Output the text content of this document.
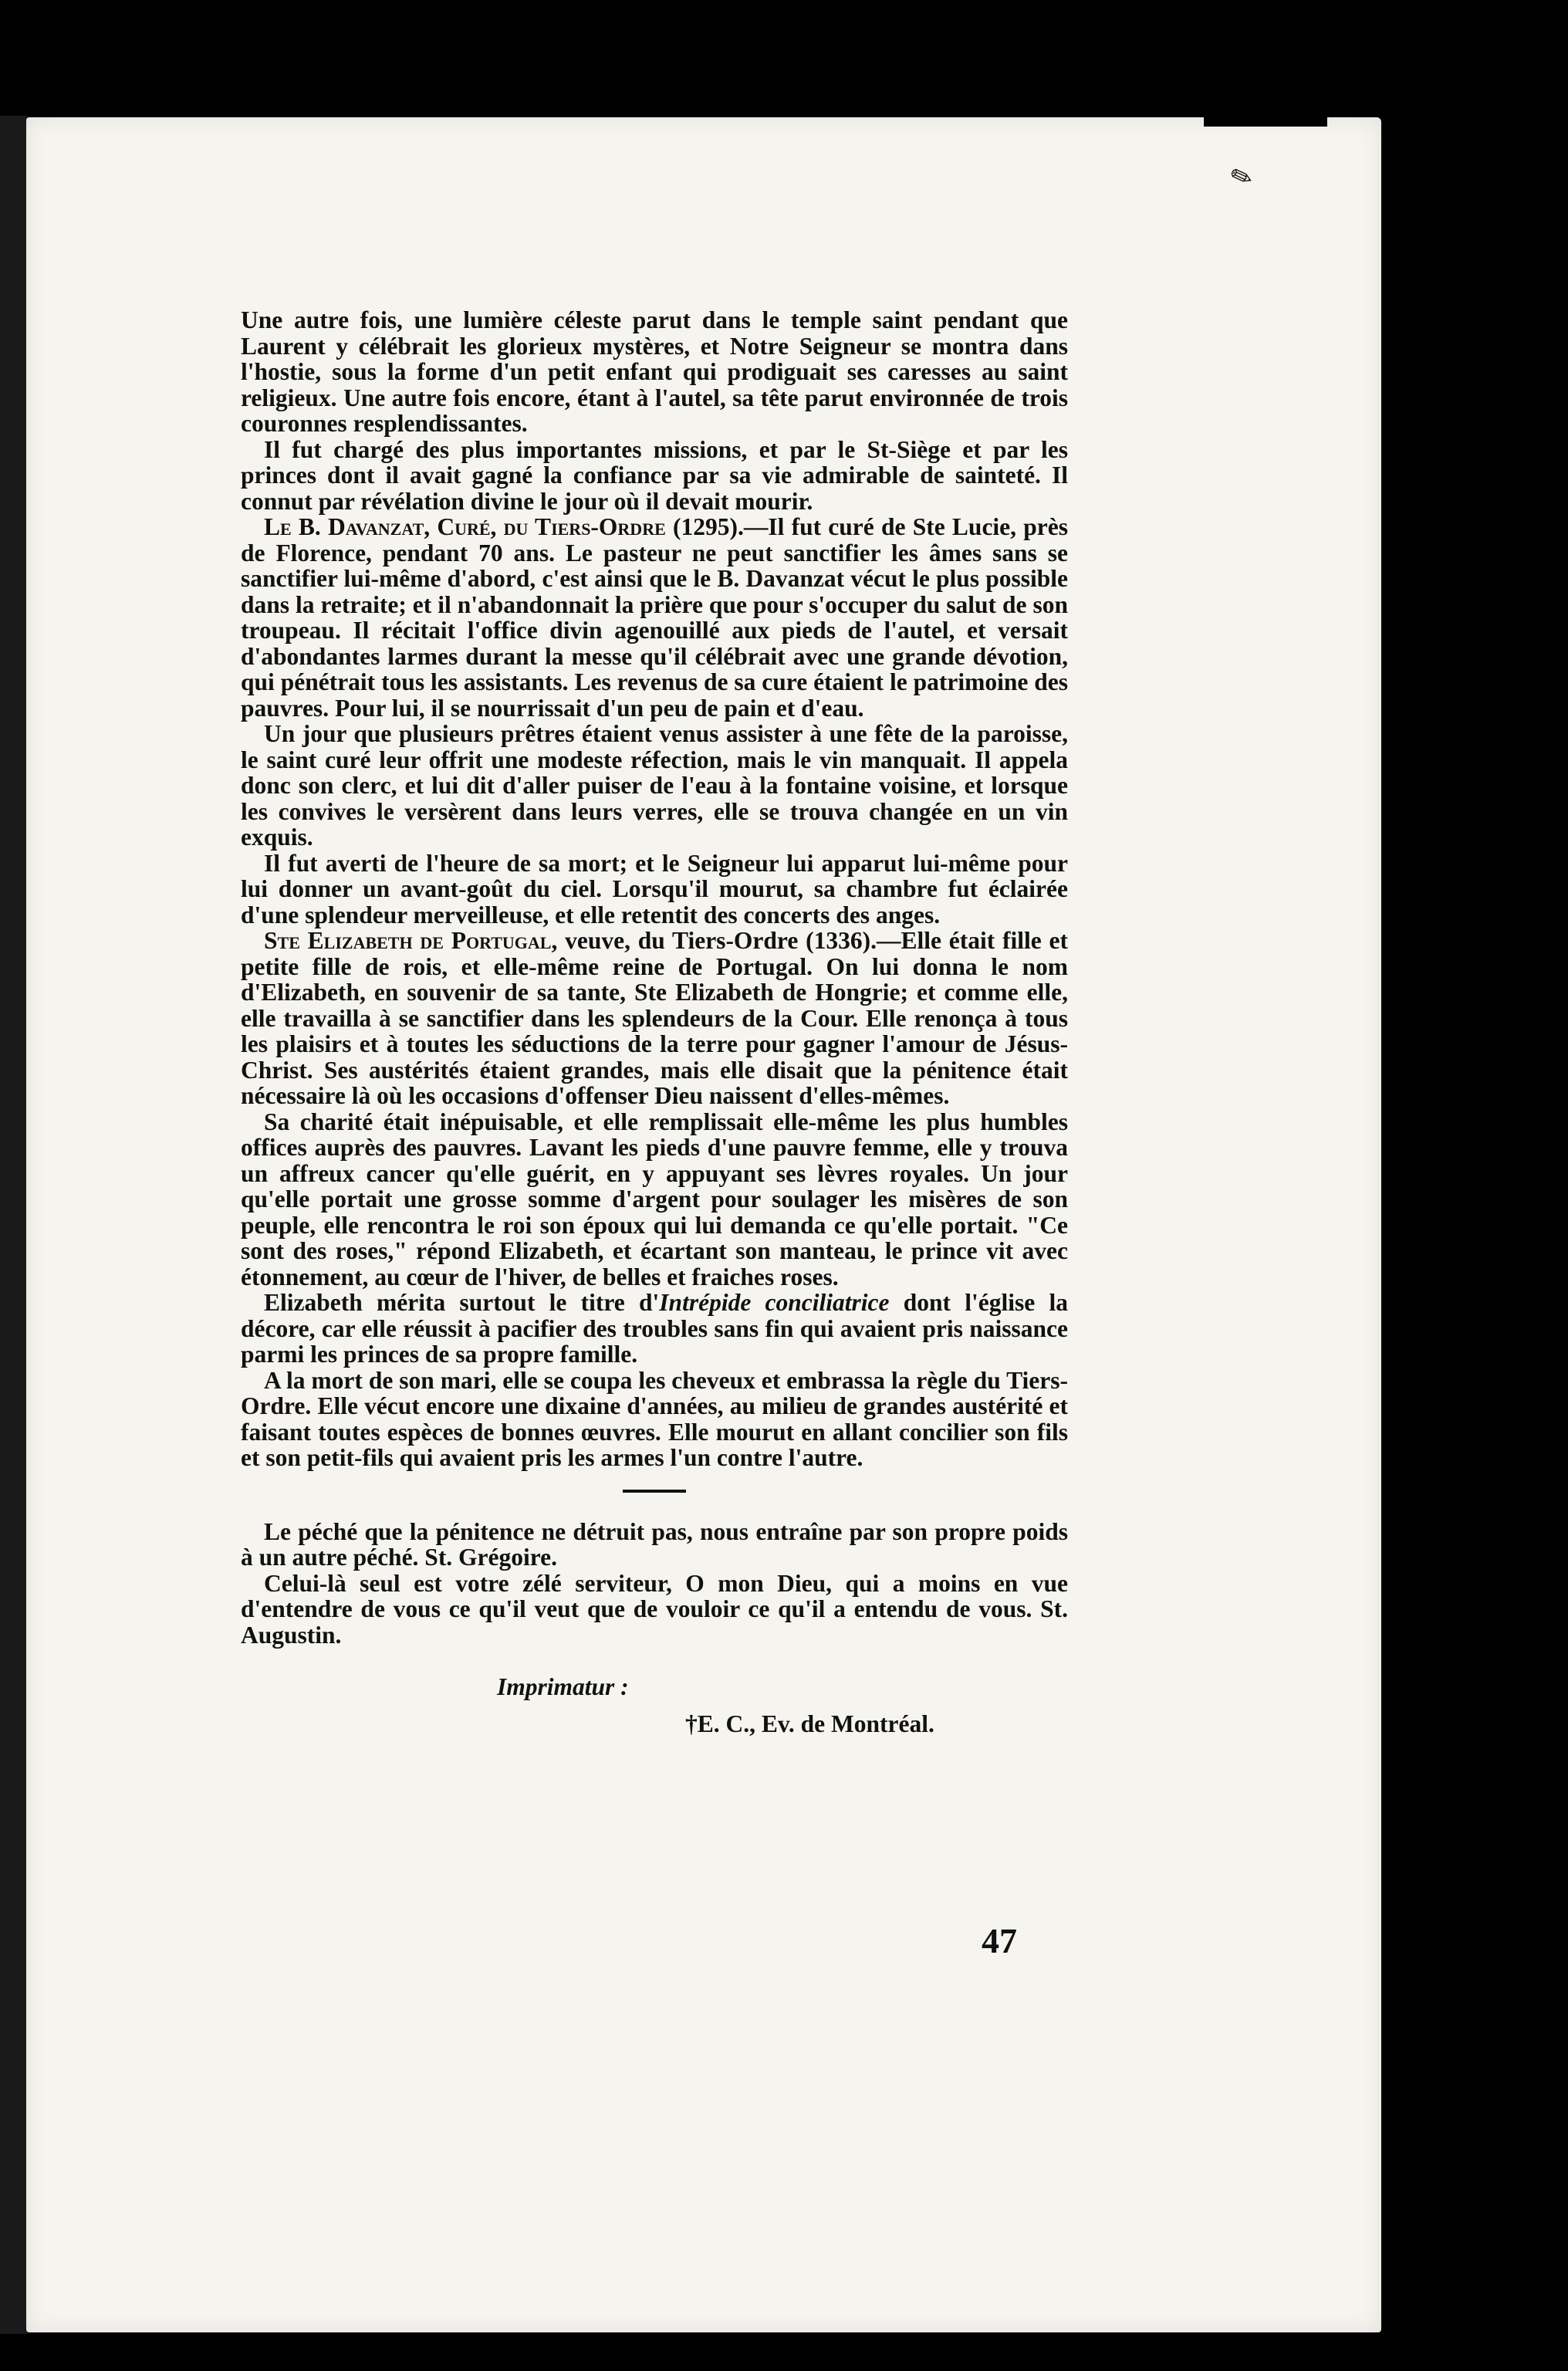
✎

Une autre fois, une lumière céleste parut dans le temple saint pendant que Laurent y célébrait les glorieux mystères, et Notre Seigneur se montra dans l'hostie, sous la forme d'un petit enfant qui prodiguait ses caresses au saint religieux. Une autre fois encore, étant à l'autel, sa tête parut environnée de trois couronnes resplendissantes.

Il fut chargé des plus importantes missions, et par le St-Siège et par les princes dont il avait gagné la confiance par sa vie admirable de sainteté. Il connut par révélation divine le jour où il devait mourir.

Le B. Davanzat, Curé, du Tiers-Ordre (1295).—Il fut curé de Ste Lucie, près de Florence, pendant 70 ans. Le pasteur ne peut sanctifier les âmes sans se sanctifier lui-même d'abord, c'est ainsi que le B. Davanzat vécut le plus possible dans la retraite; et il n'abandonnait la prière que pour s'occuper du salut de son troupeau. Il récitait l'office divin agenouillé aux pieds de l'autel, et versait d'abondantes larmes durant la messe qu'il célébrait avec une grande dévotion, qui pénétrait tous les assistants. Les revenus de sa cure étaient le patrimoine des pauvres. Pour lui, il se nourrissait d'un peu de pain et d'eau.

Un jour que plusieurs prêtres étaient venus assister à une fête de la paroisse, le saint curé leur offrit une modeste réfection, mais le vin manquait. Il appela donc son clerc, et lui dit d'aller puiser de l'eau à la fontaine voisine, et lorsque les convives le versèrent dans leurs verres, elle se trouva changée en un vin exquis.

Il fut averti de l'heure de sa mort; et le Seigneur lui apparut lui-même pour lui donner un avant-goût du ciel. Lorsqu'il mourut, sa chambre fut éclairée d'une splendeur merveilleuse, et elle retentit des concerts des anges.

Ste Elizabeth de Portugal, veuve, du Tiers-Ordre (1336).—Elle était fille et petite fille de rois, et elle-même reine de Portugal. On lui donna le nom d'Elizabeth, en souvenir de sa tante, Ste Elizabeth de Hongrie; et comme elle, elle travailla à se sanctifier dans les splendeurs de la Cour. Elle renonça à tous les plaisirs et à toutes les séductions de la terre pour gagner l'amour de Jésus-Christ. Ses austérités étaient grandes, mais elle disait que la pénitence était nécessaire là où les occasions d'offenser Dieu naissent d'elles-mêmes.

Sa charité était inépuisable, et elle remplissait elle-même les plus humbles offices auprès des pauvres. Lavant les pieds d'une pauvre femme, elle y trouva un affreux cancer qu'elle guérit, en y appuyant ses lèvres royales. Un jour qu'elle portait une grosse somme d'argent pour soulager les misères de son peuple, elle rencontra le roi son époux qui lui demanda ce qu'elle portait. "Ce sont des roses," répond Elizabeth, et écartant son manteau, le prince vit avec étonnement, au cœur de l'hiver, de belles et fraiches roses.

Elizabeth mérita surtout le titre d'Intrépide conciliatrice dont l'église la décore, car elle réussit à pacifier des troubles sans fin qui avaient pris naissance parmi les princes de sa propre famille.

A la mort de son mari, elle se coupa les cheveux et embrassa la règle du Tiers-Ordre. Elle vécut encore une dixaine d'années, au milieu de grandes austérité et faisant toutes espèces de bonnes œuvres. Elle mourut en allant concilier son fils et son petit-fils qui avaient pris les armes l'un contre l'autre.

Le péché que la pénitence ne détruit pas, nous entraîne par son propre poids à un autre péché. St. Grégoire.

Celui-là seul est votre zélé serviteur, O mon Dieu, qui a moins en vue d'entendre de vous ce qu'il veut que de vouloir ce qu'il a entendu de vous. St. Augustin.

Imprimatur :
†E. C., Ev. de Montréal.
47
